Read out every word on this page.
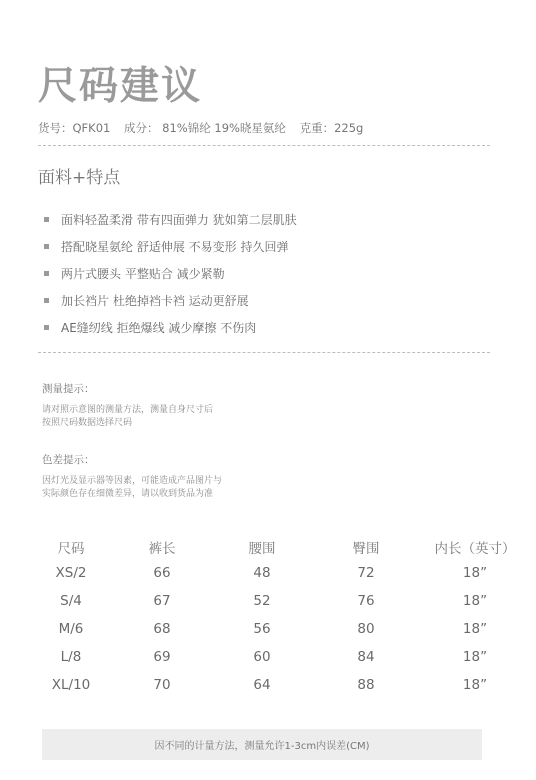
尺码建议
货号：QFK01 成分： 81%锦纶 19%晓星氨纶 克重：225g
面料+特点
面料轻盈柔滑 带有四面弹力 犹如第二层肌肤
搭配晓星氨纶 舒适伸展 不易变形 持久回弹
两片式腰头 平整贴合 减少紧勒
加长裆片 杜绝掉裆卡裆 运动更舒展
AE缝纫线 拒绝爆线 减少摩擦 不伤肉
测量提示：
请对照示意图的测量方法，测量自身尺寸后
按照尺码数据选择尺码
色差提示：
因灯光及显示器等因素，可能造成产品图片与
实际颜色存在细微差异，请以收到货品为准
尺码	裤长	腰围	臀围	内长（英寸）
XS/2	66	48	72	18”
S/4	67	52	76	18”
M/6	68	56	80	18”
L/8	69	60	84	18”
XL/10	70	64	88	18”
因不同的计量方法，测量允许1-3cm内误差(CM)
